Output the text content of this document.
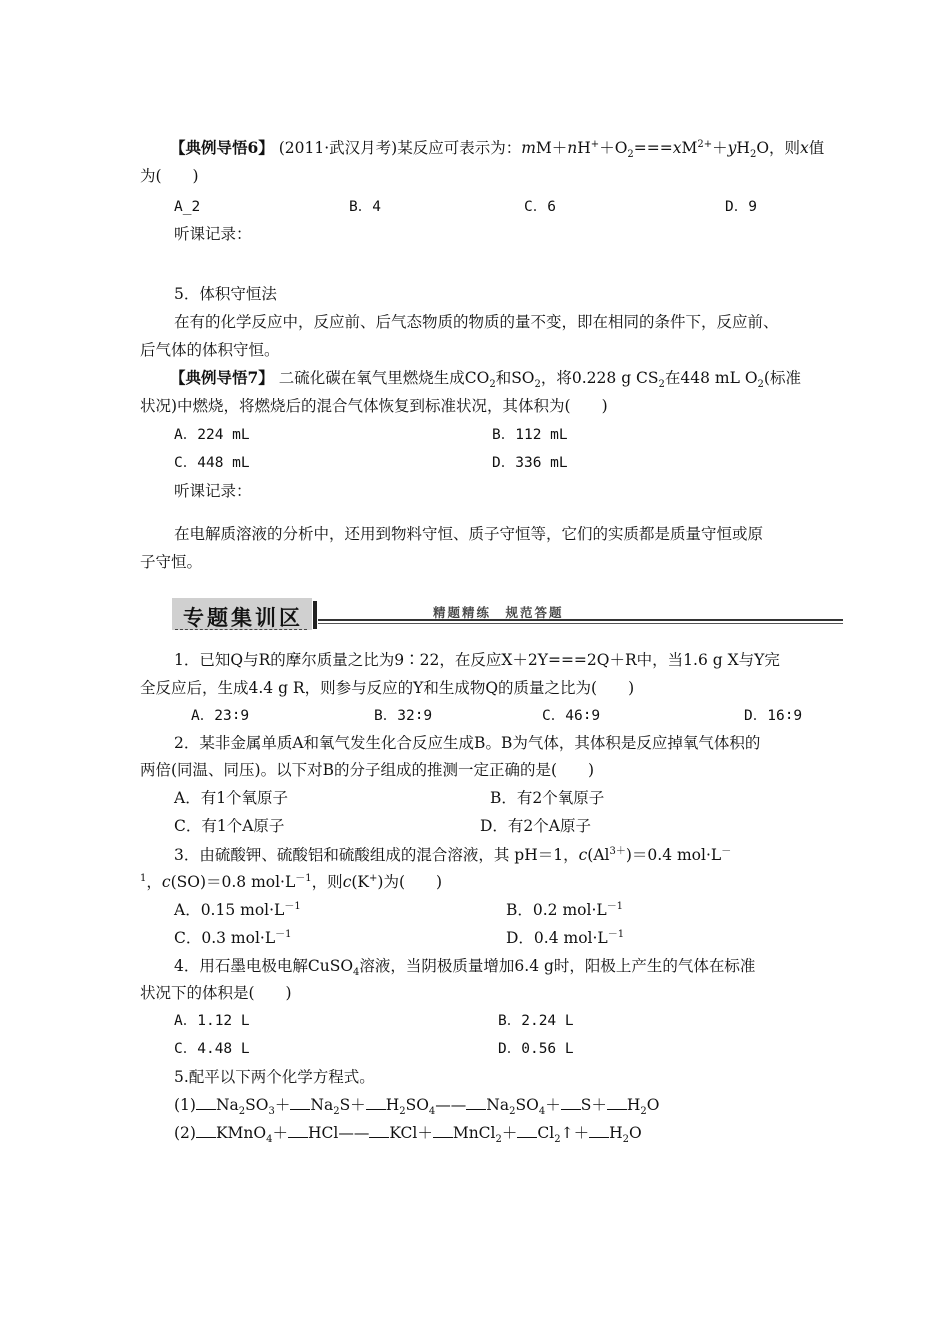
【典例导悟6】 (2011·武汉月考)某反应可表示为：$mM+nH^++O_2===xM^{2+}+yH_2O$，则x值
为(　　)
A_2	B．4	C．6	D．9
听课记录：
5．体积守恒法
在有的化学反应中，反应前、后气态物质的物质的量不变，即在相同的条件下，反应前、
后气体的体积守恒。
【典例导悟7】 二硫化碳在氧气里燃烧生成$CO_2$和$SO_2$，将0.228 g $CS_2$在448 mL $O_2$(标准
状况)中燃烧，将燃烧后的混合气体恢复到标准状况，其体积为(　　)
A．224 mL	B．112 mL
C．448 mL	D．336 mL
听课记录：
在电解质溶液的分析中，还用到物料守恒、质子守恒等，它们的实质都是质量守恒或原
子守恒。
专题集训区	精题精练　规范答题
1．已知Q与R的摩尔质量之比为9∶22，在反应X＋2Y===2Q＋R中，当1.6 g X与Y完
全反应后，生成4.4 g R，则参与反应的Y和生成物Q的质量之比为(　　)
A．23∶9	B．32∶9	C．46∶9	D．16∶9
2．某非金属单质A和氧气发生化合反应生成B。B为气体，其体积是反应掉氧气体积的
两倍(同温、同压)。以下对B的分子组成的推测一定正确的是(　　)
A．有1个氧原子	B．有2个氧原子
C．有1个A原子	D．有2个A原子
3．由硫酸钾、硫酸铝和硫酸组成的混合溶液，其 pH＝1，$c(Al^{3+})=0.4$ mol·L－
$^1$，c(SO)＝0.8 $mol\cdot L^{-1}$，则c(K+)为(　　)
A．0.15 $mol\cdot L^{-1}$	B．0.2 $mol\cdot L^{-1}$
C．0.3 $mol\cdot L^{-1}$	D．0.4 $mol\cdot L^{-1}$
4．用石墨电极电解CuSO$_4$溶液，当阴极质量增加6.4 g时，阳极上产生的气体在标准
状况下的体积是(　　)
A．1.12 L	B．2.24 L
C．4.48 L	D．0.56 L
5.配平以下两个化学方程式。
(1) $Na_2SO_3+ Na_2S+$ $H_2SO_4——$ $Na_2SO_4+ S+ H_2O$
(2) KMnO$_4$＋ HCl—— KCl＋ MnCl$_2$＋ $Cl_2↑+ H_2O$
